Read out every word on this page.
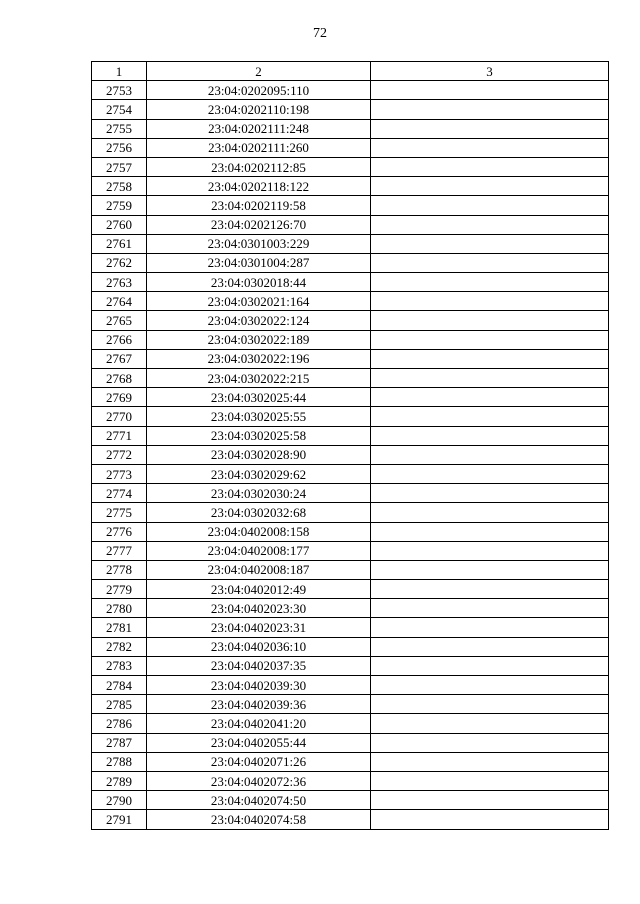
72
1	2	3
2753	23:04:0202095:110	
2754	23:04:0202110:198	
2755	23:04:0202111:248	
2756	23:04:0202111:260	
2757	23:04:0202112:85	
2758	23:04:0202118:122	
2759	23:04:0202119:58	
2760	23:04:0202126:70	
2761	23:04:0301003:229	
2762	23:04:0301004:287	
2763	23:04:0302018:44	
2764	23:04:0302021:164	
2765	23:04:0302022:124	
2766	23:04:0302022:189	
2767	23:04:0302022:196	
2768	23:04:0302022:215	
2769	23:04:0302025:44	
2770	23:04:0302025:55	
2771	23:04:0302025:58	
2772	23:04:0302028:90	
2773	23:04:0302029:62	
2774	23:04:0302030:24	
2775	23:04:0302032:68	
2776	23:04:0402008:158	
2777	23:04:0402008:177	
2778	23:04:0402008:187	
2779	23:04:0402012:49	
2780	23:04:0402023:30	
2781	23:04:0402023:31	
2782	23:04:0402036:10	
2783	23:04:0402037:35	
2784	23:04:0402039:30	
2785	23:04:0402039:36	
2786	23:04:0402041:20	
2787	23:04:0402055:44	
2788	23:04:0402071:26	
2789	23:04:0402072:36	
2790	23:04:0402074:50	
2791	23:04:0402074:58	
